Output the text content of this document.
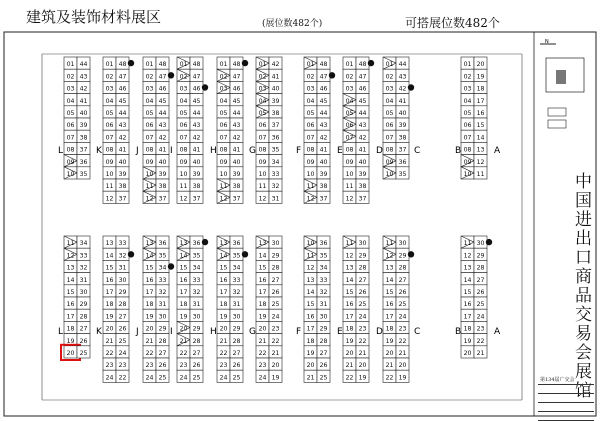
建筑及装饰材料展区	(展位数482个)	可搭展位数482个
N
L	K	J	I	H	G	F	E	D	C	B	A
L	K	J	I	H	G	F	E	D	C	B	A
01 44
02 43
03 42
04 41
05 40
06 39
07 38
08 37
09 36
10 35
01 48
02 47
03 46
04 45
05 44
06 43
07 42
08 41
09 40
10 39
11 38
12 37
01 48
02 47
03 46
04 45
05 44
06 43
07 42
08 41
09 40
10 39
11 38
12 37
01 48
02 47
03 46
04 45
05 44
06 43
07 42
08 41
09 40
10 39
11 38
12 37
01 48
02 47
03 46
04 45
05 44
06 43
07 42
08 41
09 40
10 39
11 38
12 37
01 42
02 41
03 40
04 39
05 38
06 37
07 36
08 35
09 34
10 33
11 32
12 31
01 48
02 47
03 46
04 45
05 44
06 43
07 42
08 41
09 40
10 39
11 38
12 37
01 48
02 47
03 46
04 45
05 44
06 43
07 42
08 41
09 40
10 39
11 38
12 37
01 44
02 43
03 42
04 41
05 40
06 39
07 38
08 37
09 36
10 35
01 20
02 19
03 18
04 17
05 16
06 15
07 14
08 13
09 12
10 11
11 34
12 33
13 32
14 31
15 30
16 29
17 28
18 27
19 26
20 25
13 33
14 32
15 31
16 30
17 29
18 28
19 27
20 26
21 25
22 24
23 23
24 22
13 36
14 35
15 34
16 33
17 32
18 31
19 30
20 29
21 28
22 27
23 26
24 25
13 36
14 35
15 34
16 33
17 32
18 31
19 30
20 29
21 28
22 27
23 26
24 25
13 36
14 35
15 34
16 33
17 32
18 31
19 30
20 29
21 28
22 27
23 26
24 25
13 30
14 29
15 28
16 27
17 26
18 25
19 24
20 23
21 22
22 21
23 20
24 19
10 36
11 35
12 34
13 33
14 32
15 31
16 30
17 29
18 28
19 27
20 26
21 25
11 30
12 29
13 28
14 27
15 26
16 25
17 24
18 23
19 22
20 21
21 20
22 19
11 30
12 29
13 28
14 27
15 26
16 25
17 24
18 23
19 22
20 21
21 20
22 19
11 30
12 29
13 28
14 27
15 26
16 25
17 24
18 23
19 22
20 21	中国进出口商品交易会展馆
第134届广交会
